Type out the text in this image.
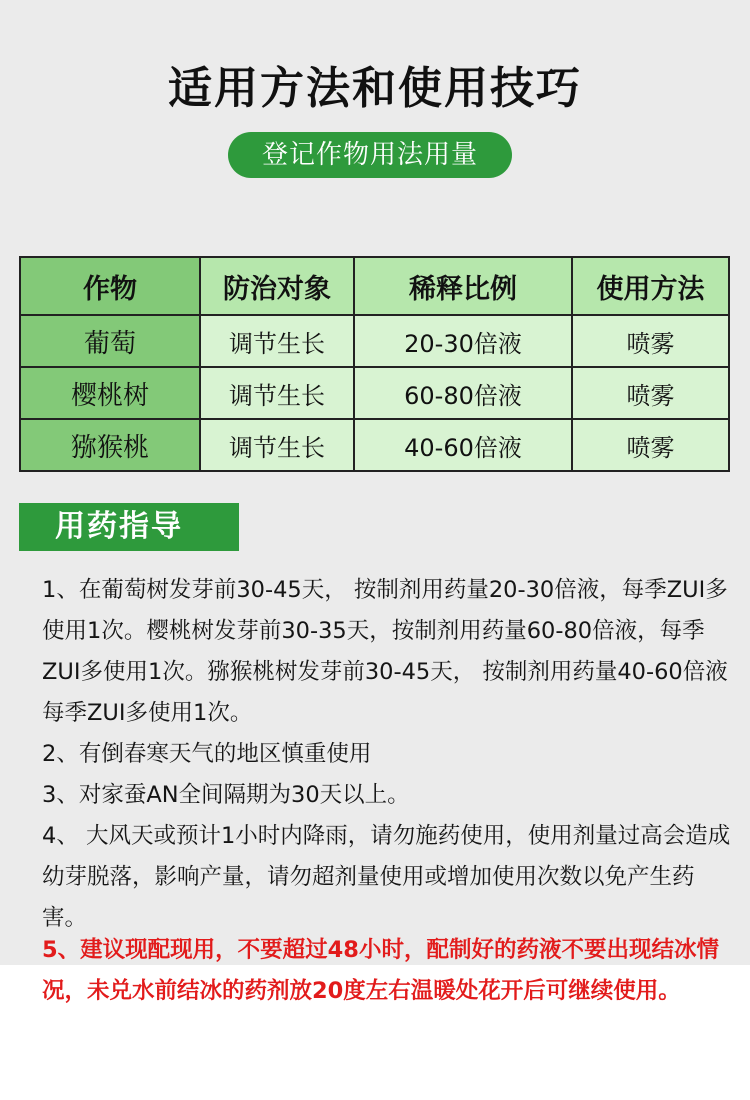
适用方法和使用技巧
登记作物用法用量
作物	防治对象	稀释比例	使用方法
葡萄	调节生长	20-30倍液	喷雾
樱桃树	调节生长	60-80倍液	喷雾
猕猴桃	调节生长	40-60倍液	喷雾
用药指导
1、在葡萄树发芽前30-45天， 按制剂用药量20-30倍液，每季ZUI多使用1次。樱桃树发芽前30-35天，按制剂用药量60-80倍液，每季ZUI多使用1次。猕猴桃树发芽前30-45天， 按制剂用药量40-60倍液每季ZUI多使用1次。
2、有倒春寒天气的地区慎重使用
3、对家蚕AN全间隔期为30天以上。
4、 大风天或预计1小时内降雨，请勿施药使用，使用剂量过高会造成幼芽脱落，影响产量，请勿超剂量使用或增加使用次数以免产生药害。
5、建议现配现用，不要超过48小时，配制好的药液不要出现结冰情况，未兑水前结冰的药剂放20度左右温暖处花开后可继续使用。
